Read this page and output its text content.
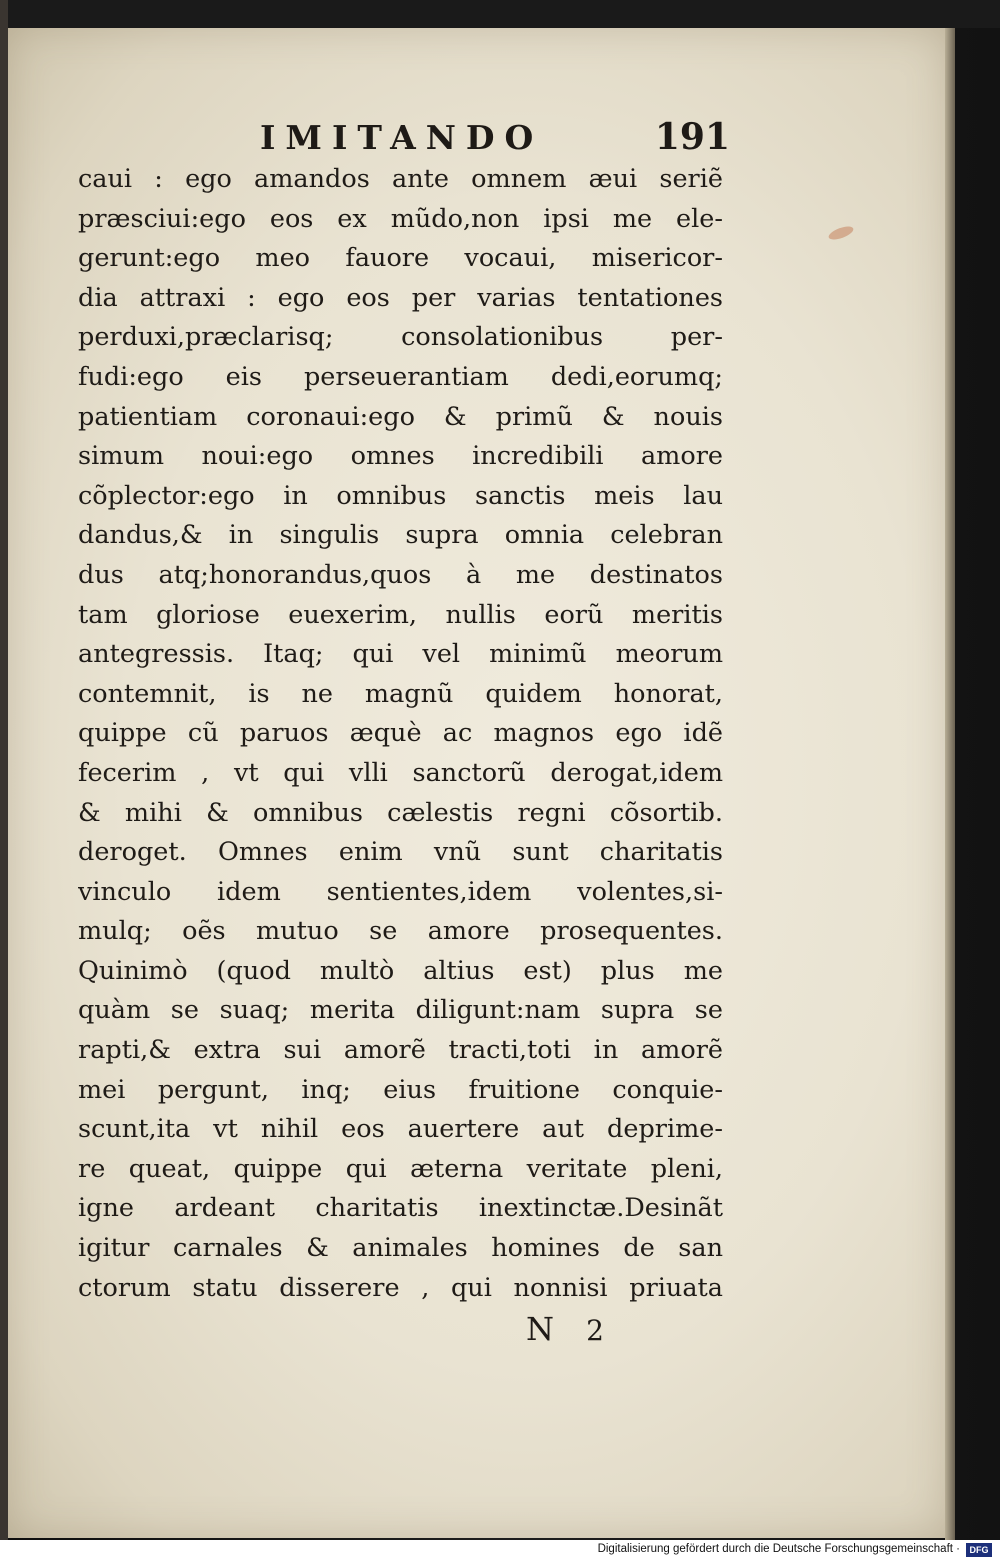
IMITANDO	191
caui : ego amandos ante omnem æui seriẽ
præsciui:ego eos ex mũdo,non ipsi me ele-
gerunt:ego meo fauore vocaui, misericor-
dia attraxi : ego eos per varias tentationes
perduxi,præclarisq; consolationibus per-
fudi:ego eis perseuerantiam dedi,eorumq;
patientiam coronaui:ego & primũ & nouis
simum noui:ego omnes incredibili amore
cõplector:ego in omnibus sanctis meis lau
dandus,& in singulis supra omnia celebran
dus atq;honorandus,quos à me destinatos
tam gloriose euexerim, nullis eorũ meritis
antegressis. Itaq; qui vel minimũ meorum
contemnit, is ne magnũ quidem honorat,
quippe cũ paruos æquè ac magnos ego idẽ
fecerim , vt qui vlli sanctorũ derogat,idem
& mihi & omnibus cælestis regni cõsortib.
deroget. Omnes enim vnũ sunt charitatis
vinculo idem sentientes,idem volentes,si-
mulq; oẽs mutuo se amore prosequentes.
Quinimò (quod multò altius est) plus me
quàm se suaq; merita diligunt:nam supra se
rapti,& extra sui amorẽ tracti,toti in amorẽ
mei pergunt, inq; eius fruitione conquie-
scunt,ita vt nihil eos auertere aut deprime-
re queat, quippe qui æterna veritate pleni,
igne ardeant charitatis inextinctæ.Desinãt
igitur carnales & animales homines de san
ctorum statu disserere , qui nonnisi priuata
N 2
Digitalisierung gefördert durch die Deutsche Forschungsgemeinschaft ·	DFG
